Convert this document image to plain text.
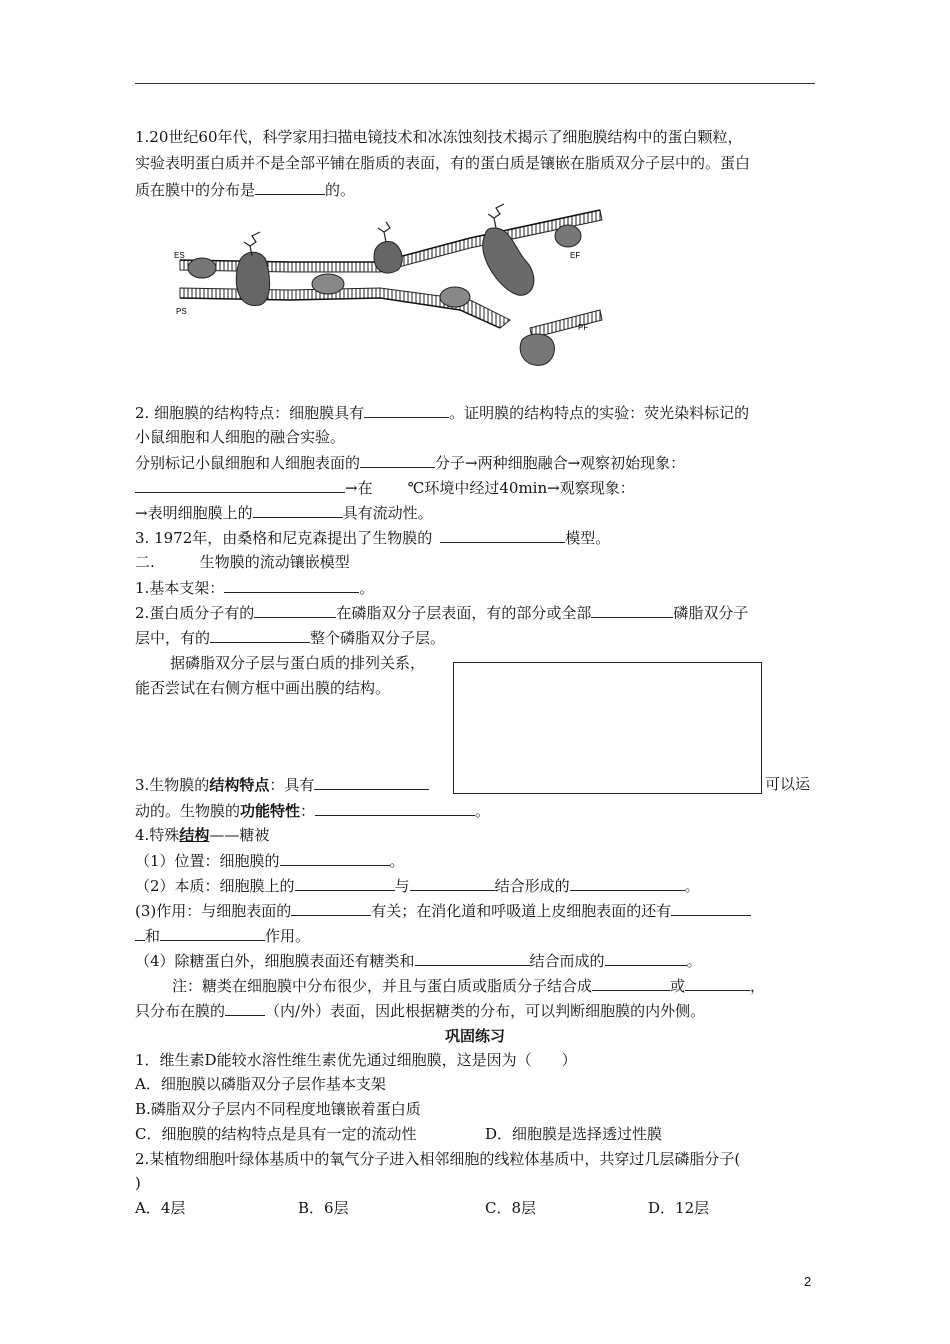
1.20世纪60年代，科学家用扫描电镜技术和冰冻蚀刻技术揭示了细胞膜结构中的蛋白颗粒，
实验表明蛋白质并不是全部平铺在脂质的表面，有的蛋白质是镶嵌在脂质双分子层中的。蛋白
质在膜中的分布是	的。
ES
PS
EF
PF
2. 细胞膜的结构特点：细胞膜具有	。证明膜的结构特点的实验：荧光染料标记的
小鼠细胞和人细胞的融合实验。
分别标记小鼠细胞和人细胞表面的	分子→两种细胞融合→观察初始现象：
→在 ℃环境中经过40min→观察现象：
→表明细胞膜上的	具有流动性。
3. 1972年，由桑格和尼克森提出了生物膜的	模型。
二.	生物膜的流动镶嵌模型
1.基本支架：	。
2.蛋白质分子有的	在磷脂双分子层表面，有的部分或全部	磷脂双分子
层中，有的	整个磷脂双分子层。
据磷脂双分子层与蛋白质的排列关系，
能否尝试在右侧方框中画出膜的结构。
3.生物膜的结构特点：具有	可以运
动的。生物膜的功能特性：	。
4.特殊结构——糖被
（1）位置：细胞膜的	。
（2）本质：细胞膜上的	与	结合形成的	。
(3)作用：与细胞表面的	有关；在消化道和呼吸道上皮细胞表面的还有
和	作用。
（4）除糖蛋白外，细胞膜表面还有糖类和	结合而成的	。
注：糖类在细胞膜中分布很少，并且与蛋白质或脂质分子结合成	或	，
只分布在膜的	（内/外）表面，因此根据糖类的分布，可以判断细胞膜的内外侧。
巩固练习
1．维生素D能较水溶性维生素优先通过细胞膜，这是因为（　　）
A．细胞膜以磷脂双分子层作基本支架
B.磷脂双分子层内不同程度地镶嵌着蛋白质
C．细胞膜的结构特点是具有一定的流动性	D．细胞膜是选择透过性膜
2.某植物细胞叶绿体基质中的氧气分子进入相邻细胞的线粒体基质中，共穿过几层磷脂分子(
)
A．4层	B．6层	C．8层	D．12层
2
